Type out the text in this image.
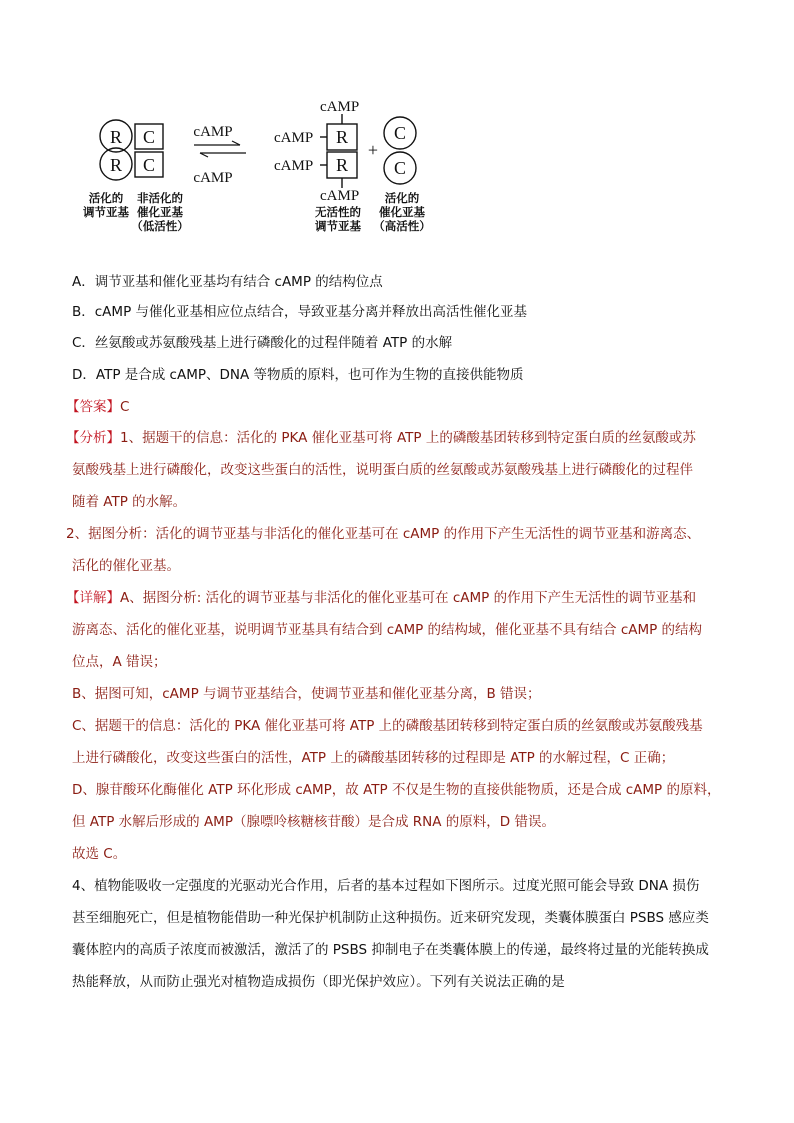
R
R
C
C
活化的
调节亚基
非活化的
催化亚基
（低活性）
cAMP
cAMP
cAMP
cAMP
cAMP
cAMP
R
R
+
C
C
无活性的
调节亚基
活化的
催化亚基
（高活性）
A．调节亚基和催化亚基均有结合 cAMP 的结构位点
B．cAMP 与催化亚基相应位点结合，导致亚基分离并释放出高活性催化亚基
C．丝氨酸或苏氨酸残基上进行磷酸化的过程伴随着 ATP 的水解
D．ATP 是合成 cAMP、DNA 等物质的原料，也可作为生物的直接供能物质
【答案】C
【分析】1、据题干的信息：活化的 PKA 催化亚基可将 ATP 上的磷酸基团转移到特定蛋白质的丝氨酸或苏
氨酸残基上进行磷酸化，改变这些蛋白的活性，说明蛋白质的丝氨酸或苏氨酸残基上进行磷酸化的过程伴
随着 ATP 的水解。
2、据图分析：活化的调节亚基与非活化的催化亚基可在 cAMP 的作用下产生无活性的调节亚基和游离态、
活化的催化亚基。
【详解】A、据图分析: 活化的调节亚基与非活化的催化亚基可在 cAMP 的作用下产生无活性的调节亚基和
游离态、活化的催化亚基，说明调节亚基具有结合到 cAMP 的结构域，催化亚基不具有结合 cAMP 的结构
位点，A 错误；
B、据图可知，cAMP 与调节亚基结合，使调节亚基和催化亚基分离，B 错误；
C、据题干的信息：活化的 PKA 催化亚基可将 ATP 上的磷酸基团转移到特定蛋白质的丝氨酸或苏氨酸残基
上进行磷酸化，改变这些蛋白的活性，ATP 上的磷酸基团转移的过程即是 ATP 的水解过程，C 正确；
D、腺苷酸环化酶催化 ATP 环化形成 cAMP，故 ATP 不仅是生物的直接供能物质，还是合成 cAMP 的原料，
但 ATP 水解后形成的 AMP（腺嘌呤核糖核苷酸）是合成 RNA 的原料，D 错误。
故选 C。
4、植物能吸收一定强度的光驱动光合作用，后者的基本过程如下图所示。过度光照可能会导致 DNA 损伤
甚至细胞死亡，但是植物能借助一种光保护机制防止这种损伤。近来研究发现，类囊体膜蛋白 PSBS 感应类
囊体腔内的高质子浓度而被激活，激活了的 PSBS 抑制电子在类囊体膜上的传递，最终将过量的光能转换成
热能释放，从而防止强光对植物造成损伤（即光保护效应）。下列有关说法正确的是
